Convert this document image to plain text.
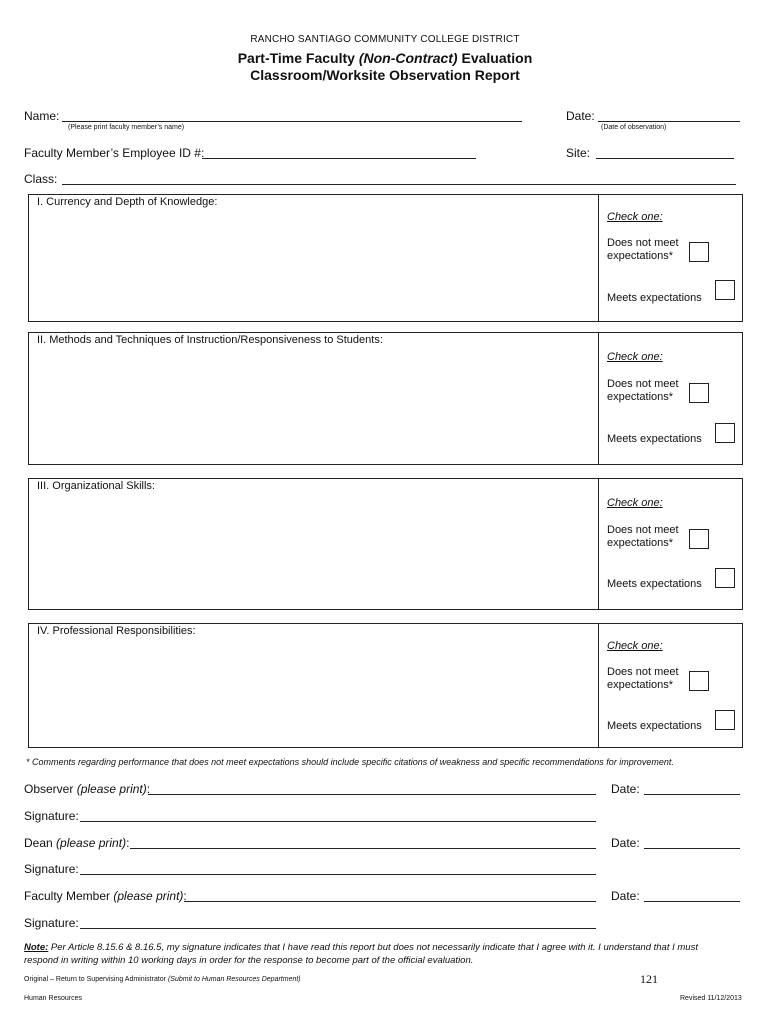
RANCHO SANTIAGO COMMUNITY COLLEGE DISTRICT
Part-Time Faculty (Non-Contract) Evaluation
Classroom/Worksite Observation Report
Name:
(Please print faculty member’s name)
Date:
(Date of observation)
Faculty Member’s Employee ID #:	Site:
Class:
I. Currency and Depth of Knowledge:
Check one:
Does not meet expectations*
Meets expectations
II. Methods and Techniques of Instruction/Responsiveness to Students:
Check one:
Does not meet expectations*
Meets expectations
III. Organizational Skills:
Check one:
Does not meet expectations*
Meets expectations
IV. Professional Responsibilities:
Check one:
Does not meet expectations*
Meets expectations
* Comments regarding performance that does not meet expectations should include specific citations of weakness and specific recommendations for improvement.
Observer (please print):	Date:
Signature:
Dean (please print):	Date:
Signature:
Faculty Member (please print):	Date:
Signature:
Note: Per Article 8.15.6 & 8.16.5, my signature indicates that I have read this report but does not necessarily indicate that I agree with it. I understand that I must
respond in writing within 10 working days in order for the response to become part of the official evaluation.
Original – Return to Supervising Administrator (Submit to Human Resources Department)	121
Human Resources	Revised 11/12/2013
